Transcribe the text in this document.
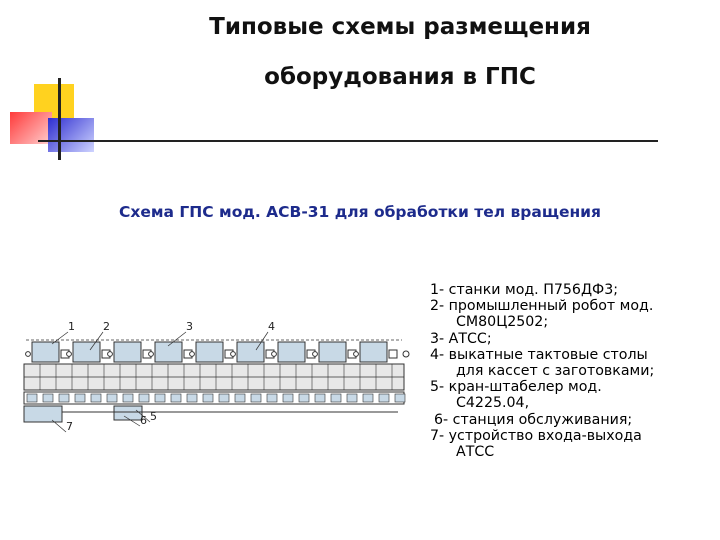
Типовые схемы размещения
оборудования в ГПС
Схема ГПС мод. АСВ-31 для обработки тел вращения
1	2	3	4
5
6
7
1- станки мод. П756ДФ3;
2- промышленный робот мод.

СМ80Ц2502;
3- АТСС;
4- выкатные тактовые столы

для кассет с заготовками;
5- кран-штабелер мод.

С4225.04,
6- станция обслуживания;
7- устройство входа-выхода

АТСС
